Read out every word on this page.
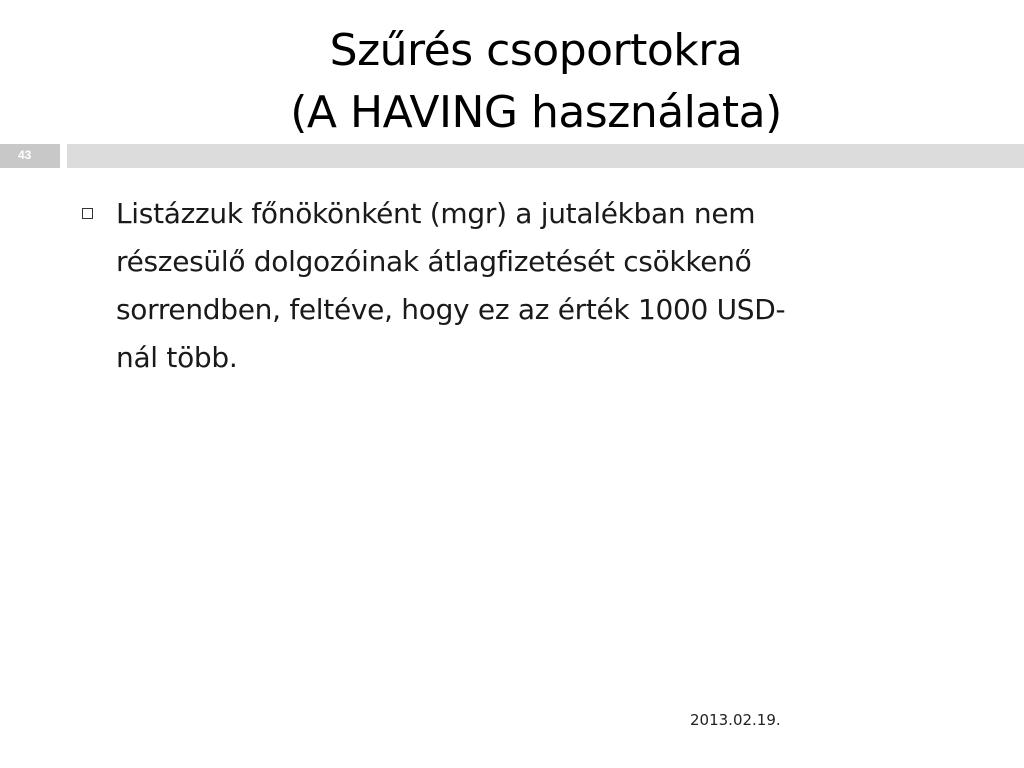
Szűrés csoportokra
(A HAVING használata)
43
Listázzuk főnökönként (mgr) a jutalékban nem
részesülő dolgozóinak átlagfizetését csökkenő
sorrendben, feltéve, hogy ez az érték 1000 USD-
nál több.
2013.02.19.
